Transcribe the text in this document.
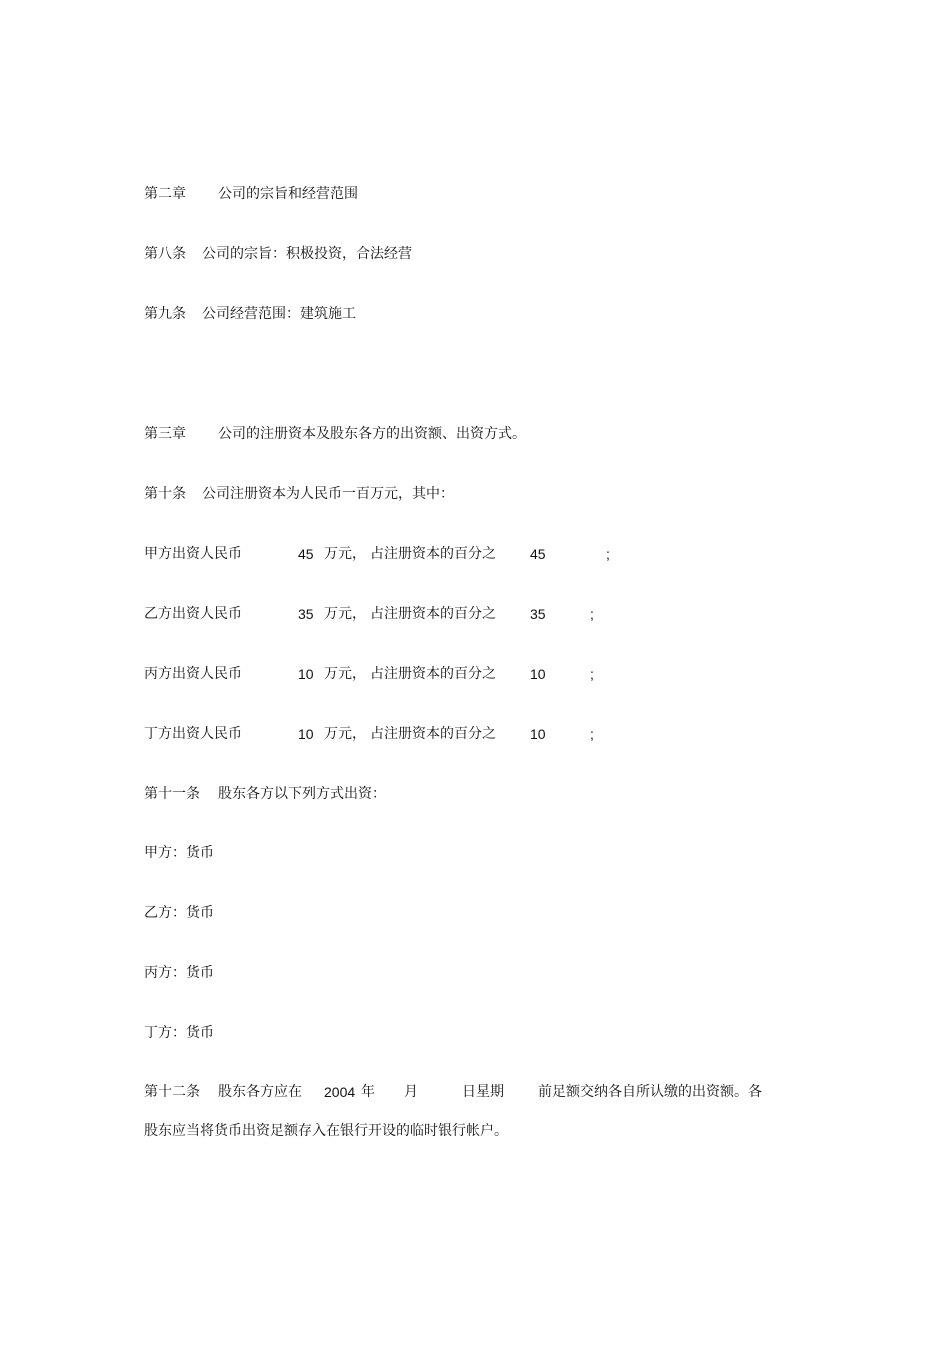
第二章 公司的宗旨和经营范围
第八条 公司的宗旨：积极投资，合法经营
第九条 公司经营范围：建筑施工
第三章 公司的注册资本及股东各方的出资额、出资方式。
第十条 公司注册资本为人民币一百万元，其中：
甲方出资人民币	45 万元， 占注册资本的百分之 45	;
乙方出资人民币	35 万元， 占注册资本的百分之 35	;
丙方出资人民币	10 万元， 占注册资本的百分之 10	;
丁方出资人民币	10 万元， 占注册资本的百分之 10	;
第十一条 股东各方以下列方式出资：
甲方：货币
乙方：货币
丙方：货币
丁方：货币
第十二条 股东各方应在 2004 年 月	日星期 前足额交纳各自所认缴的出资额。各
股东应当将货币出资足额存入在银行开设的临时银行帐户。
